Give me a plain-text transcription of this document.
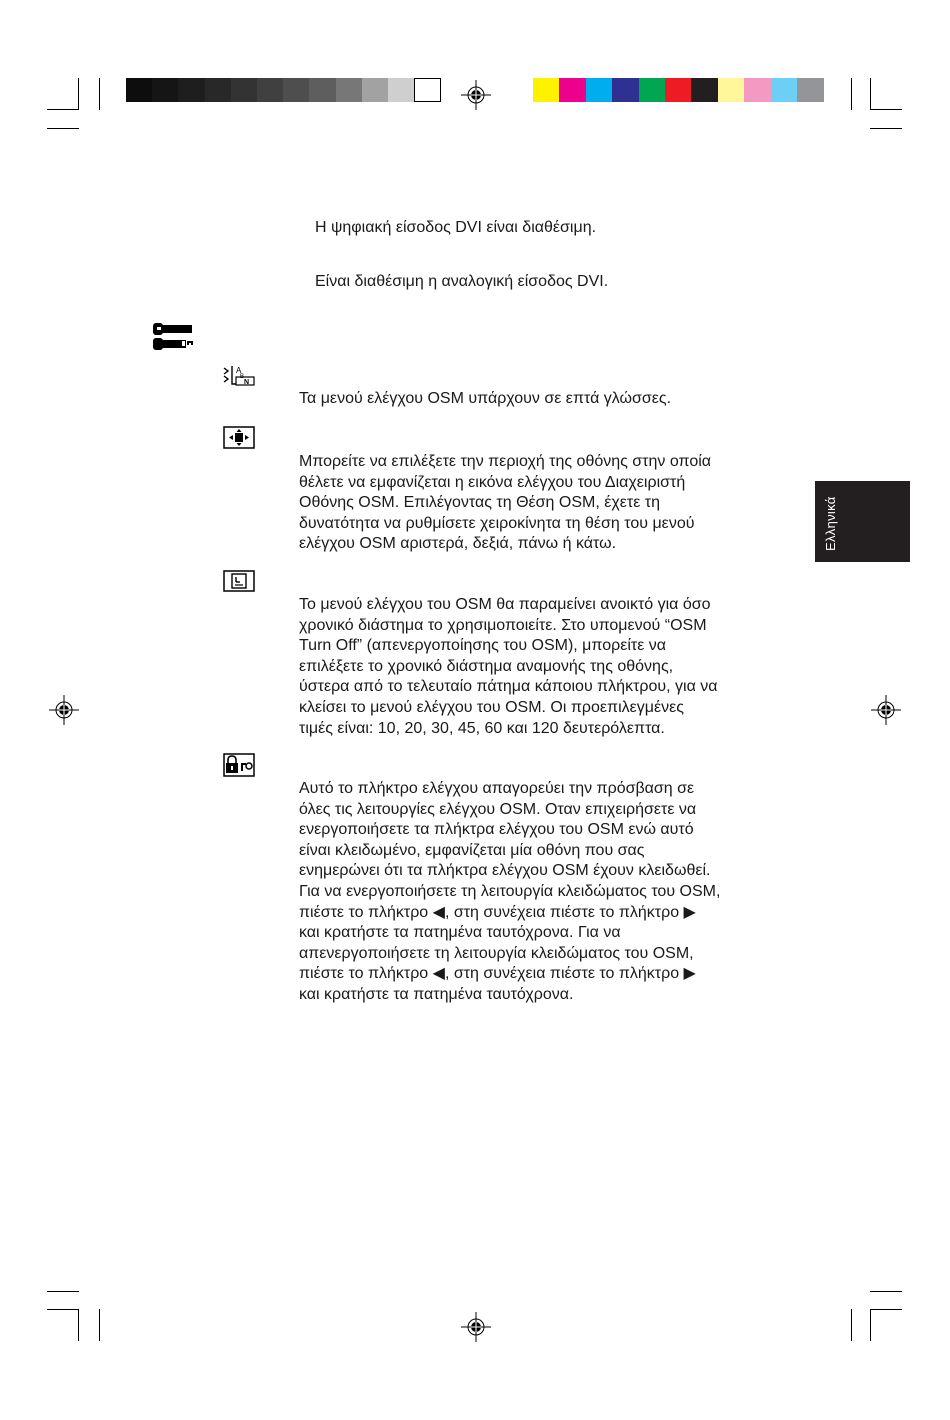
Η ψηφιακή είσοδος DVI είναι διαθέσιμη.
Είναι διαθέσιμη η αναλογική είσοδος DVI.
A
B
N
Τα μενού ελέγχου OSM υπάρχουν σε επτά γλώσσες.
Μπορείτε να επιλέξετε την περιοχή της οθόνης στην οποία
θέλετε να εμφανίζεται η εικόνα ελέγχου του Διαχειριστή
Οθόνης OSM. Επιλέγοντας τη Θέση OSM, έχετε τη
δυνατότητα να ρυθμίσετε χειροκίνητα τη θέση του μενού
ελέγχου OSM αριστερά, δεξιά, πάνω ή κάτω.
Το μενού ελέγχου του OSM θα παραμείνει ανοικτό για όσο
χρονικό διάστημα το χρησιμοποιείτε. Στο υπομενού “OSM
Turn Off” (απενεργοποίησης του OSM), μπορείτε να
επιλέξετε το χρονικό διάστημα αναμονής της οθόνης,
ύστερα από το τελευταίο πάτημα κάποιου πλήκτρου, για να
κλείσει το μενού ελέγχου του OSM. Οι προεπιλεγμένες
τιμές είναι: 10, 20, 30, 45, 60 και 120 δευτερόλεπτα.
Αυτό το πλήκτρο ελέγχου απαγορεύει την πρόσβαση σε
όλες τις λειτουργίες ελέγχου OSM. Οταν επιχειρήσετε να
ενεργοποιήσετε τα πλήκτρα ελέγχου του OSM ενώ αυτό
είναι κλειδωμένο, εμφανίζεται μία οθόνη που σας
ενημερώνει ότι τα πλήκτρα ελέγχου OSM έχουν κλειδωθεί.
Για να ενεργοποιήσετε τη λειτουργία κλειδώματος του OSM,
πιέστε το πλήκτρο ◀, στη συνέχεια πιέστε το πλήκτρο ▶
και κρατήστε τα πατημένα ταυτόχρονα. Για να
απενεργοποιήσετε τη λειτουργία κλειδώματος του OSM,
πιέστε το πλήκτρο ◀, στη συνέχεια πιέστε το πλήκτρο ▶
και κρατήστε τα πατημένα ταυτόχρονα.
Ελληνικά
